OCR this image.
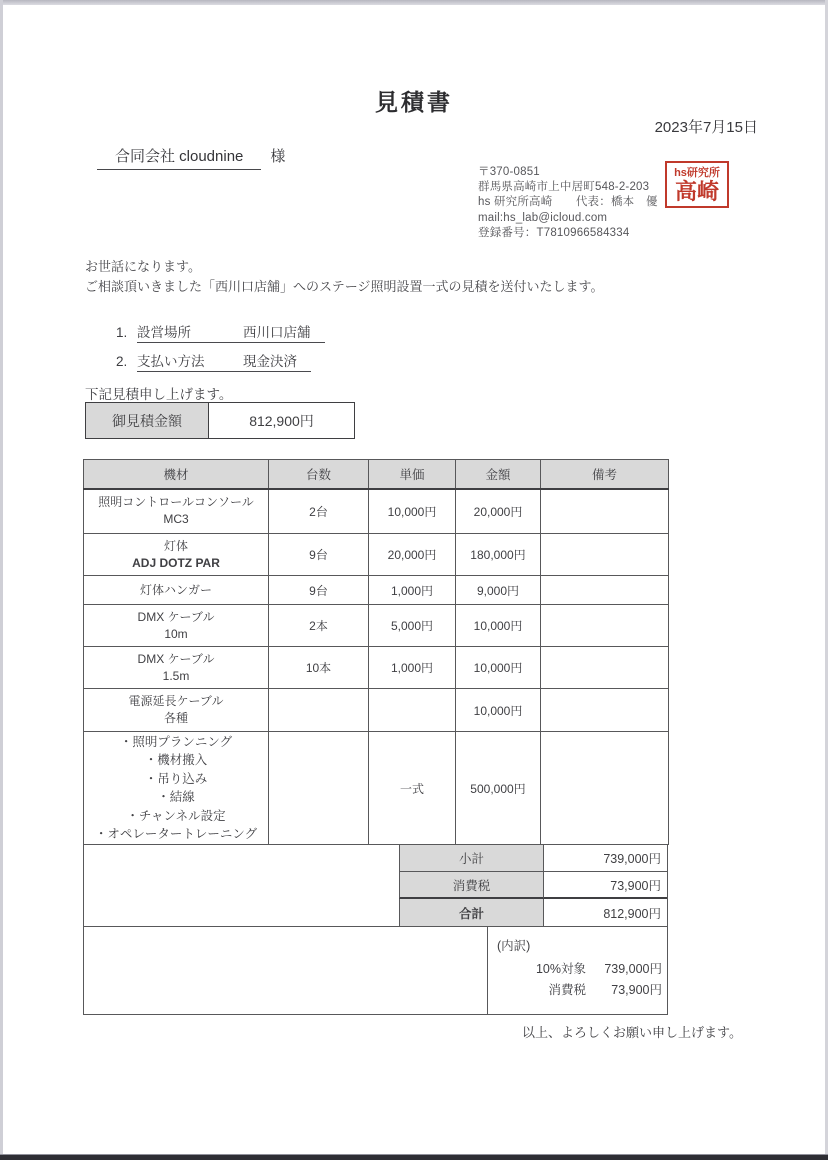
見積書
2023年7月15日
合同会社 cloudnine 様
〒370-0851
群馬県高崎市上中居町548-2-203
hs 研究所高崎　　代表：橋本　優
mail:hs_lab@icloud.com
登録番号：T7810966584334
hs研究所
高崎
お世話になります。
ご相談頂いきました「西川口店舗」へのステージ照明設置一式の見積を送付いたします。
1. 設営場所	西川口店舗
2. 支払い方法	現金決済
下記見積申し上げます。
御見積金額	812,900円
機材	台数	単価	金額	備考

照明コントロールコンソール
MC3	2台	10,000円	20,000円	

灯体
ADJ DOTZ PAR	9台	20,000円	180,000円	

灯体ハンガー	9台	1,000円	9,000円	

DMX ケーブル
10m	2本	5,000円	10,000円	

DMX ケーブル
1.5m	10本	1,000円	10,000円	

電源延長ケーブル
各種			10,000円	

・照明プランニング
・機材搬入
・吊り込み
・結線
・チャンネル設定
・オペレータートレーニング
		一式	500,000円	
小計	739,000円
消費税	73,900円
合計	812,900円
(内訳)
10%対象	739,000円
消費税	73,900円
以上、よろしくお願い申し上げます。
